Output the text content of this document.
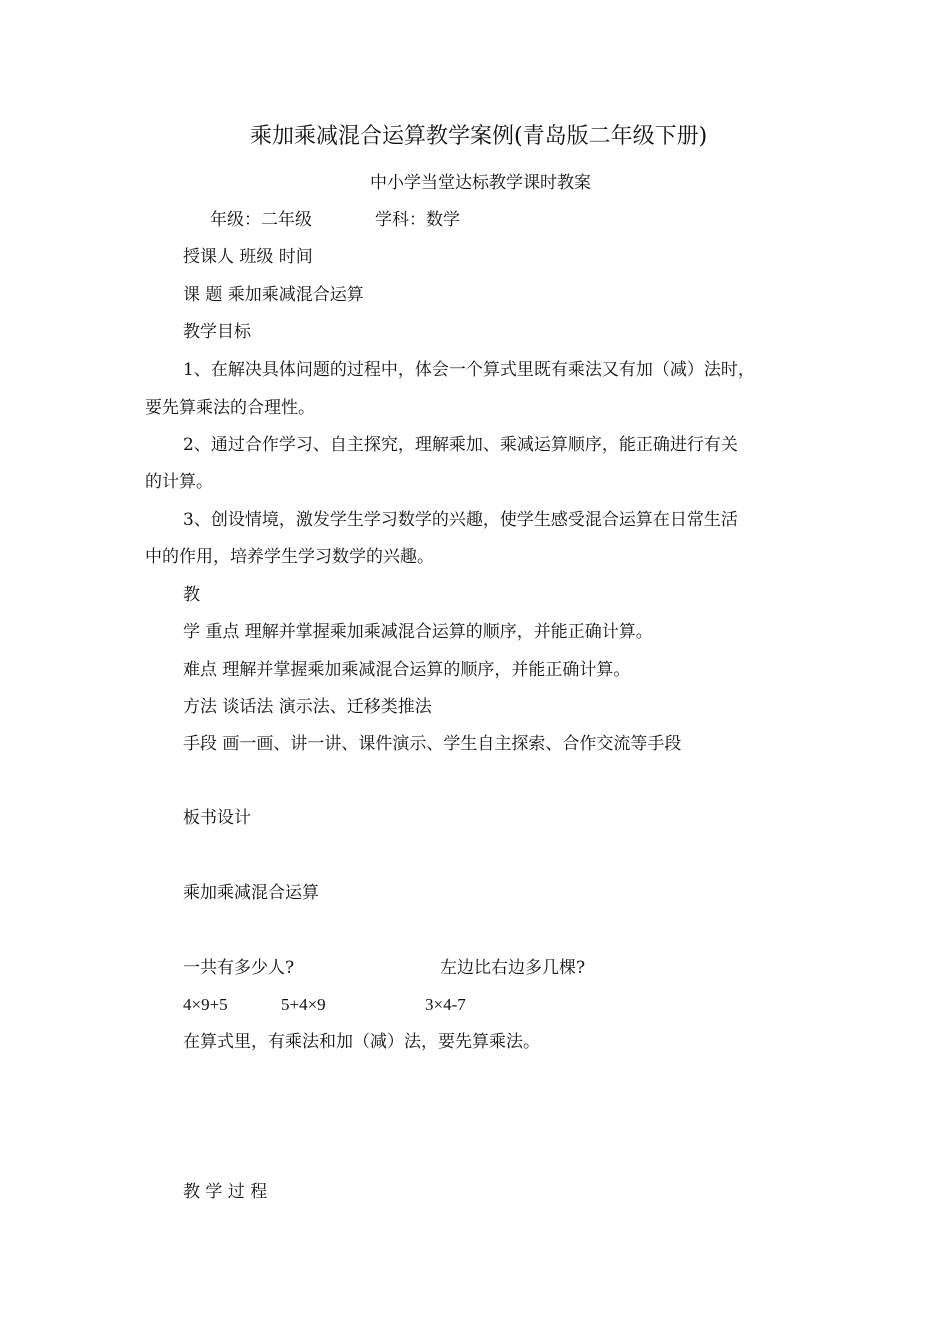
乘加乘减混合运算教学案例(青岛版二年级下册)
中小学当堂达标教学课时教案
年级：二年级	学科：数学
授课人 班级 时间
课 题 乘加乘减混合运算
教学目标
1、在解决具体问题的过程中，体会一个算式里既有乘法又有加（减）法时，
要先算乘法的合理性。
2、通过合作学习、自主探究，理解乘加、乘减运算顺序，能正确进行有关
的计算。
3、创设情境，激发学生学习数学的兴趣，使学生感受混合运算在日常生活
中的作用，培养学生学习数学的兴趣。
教
学 重点 理解并掌握乘加乘减混合运算的顺序，并能正确计算。
难点 理解并掌握乘加乘减混合运算的顺序，并能正确计算。
方法 谈话法 演示法、迁移类推法
手段 画一画、讲一讲、课件演示、学生自主探索、合作交流等手段
板书设计
乘加乘减混合运算
一共有多少人?	左边比右边多几棵?
4×9+5	5+4×9	3×4-7
在算式里，有乘法和加（减）法，要先算乘法。
教 学 过 程
